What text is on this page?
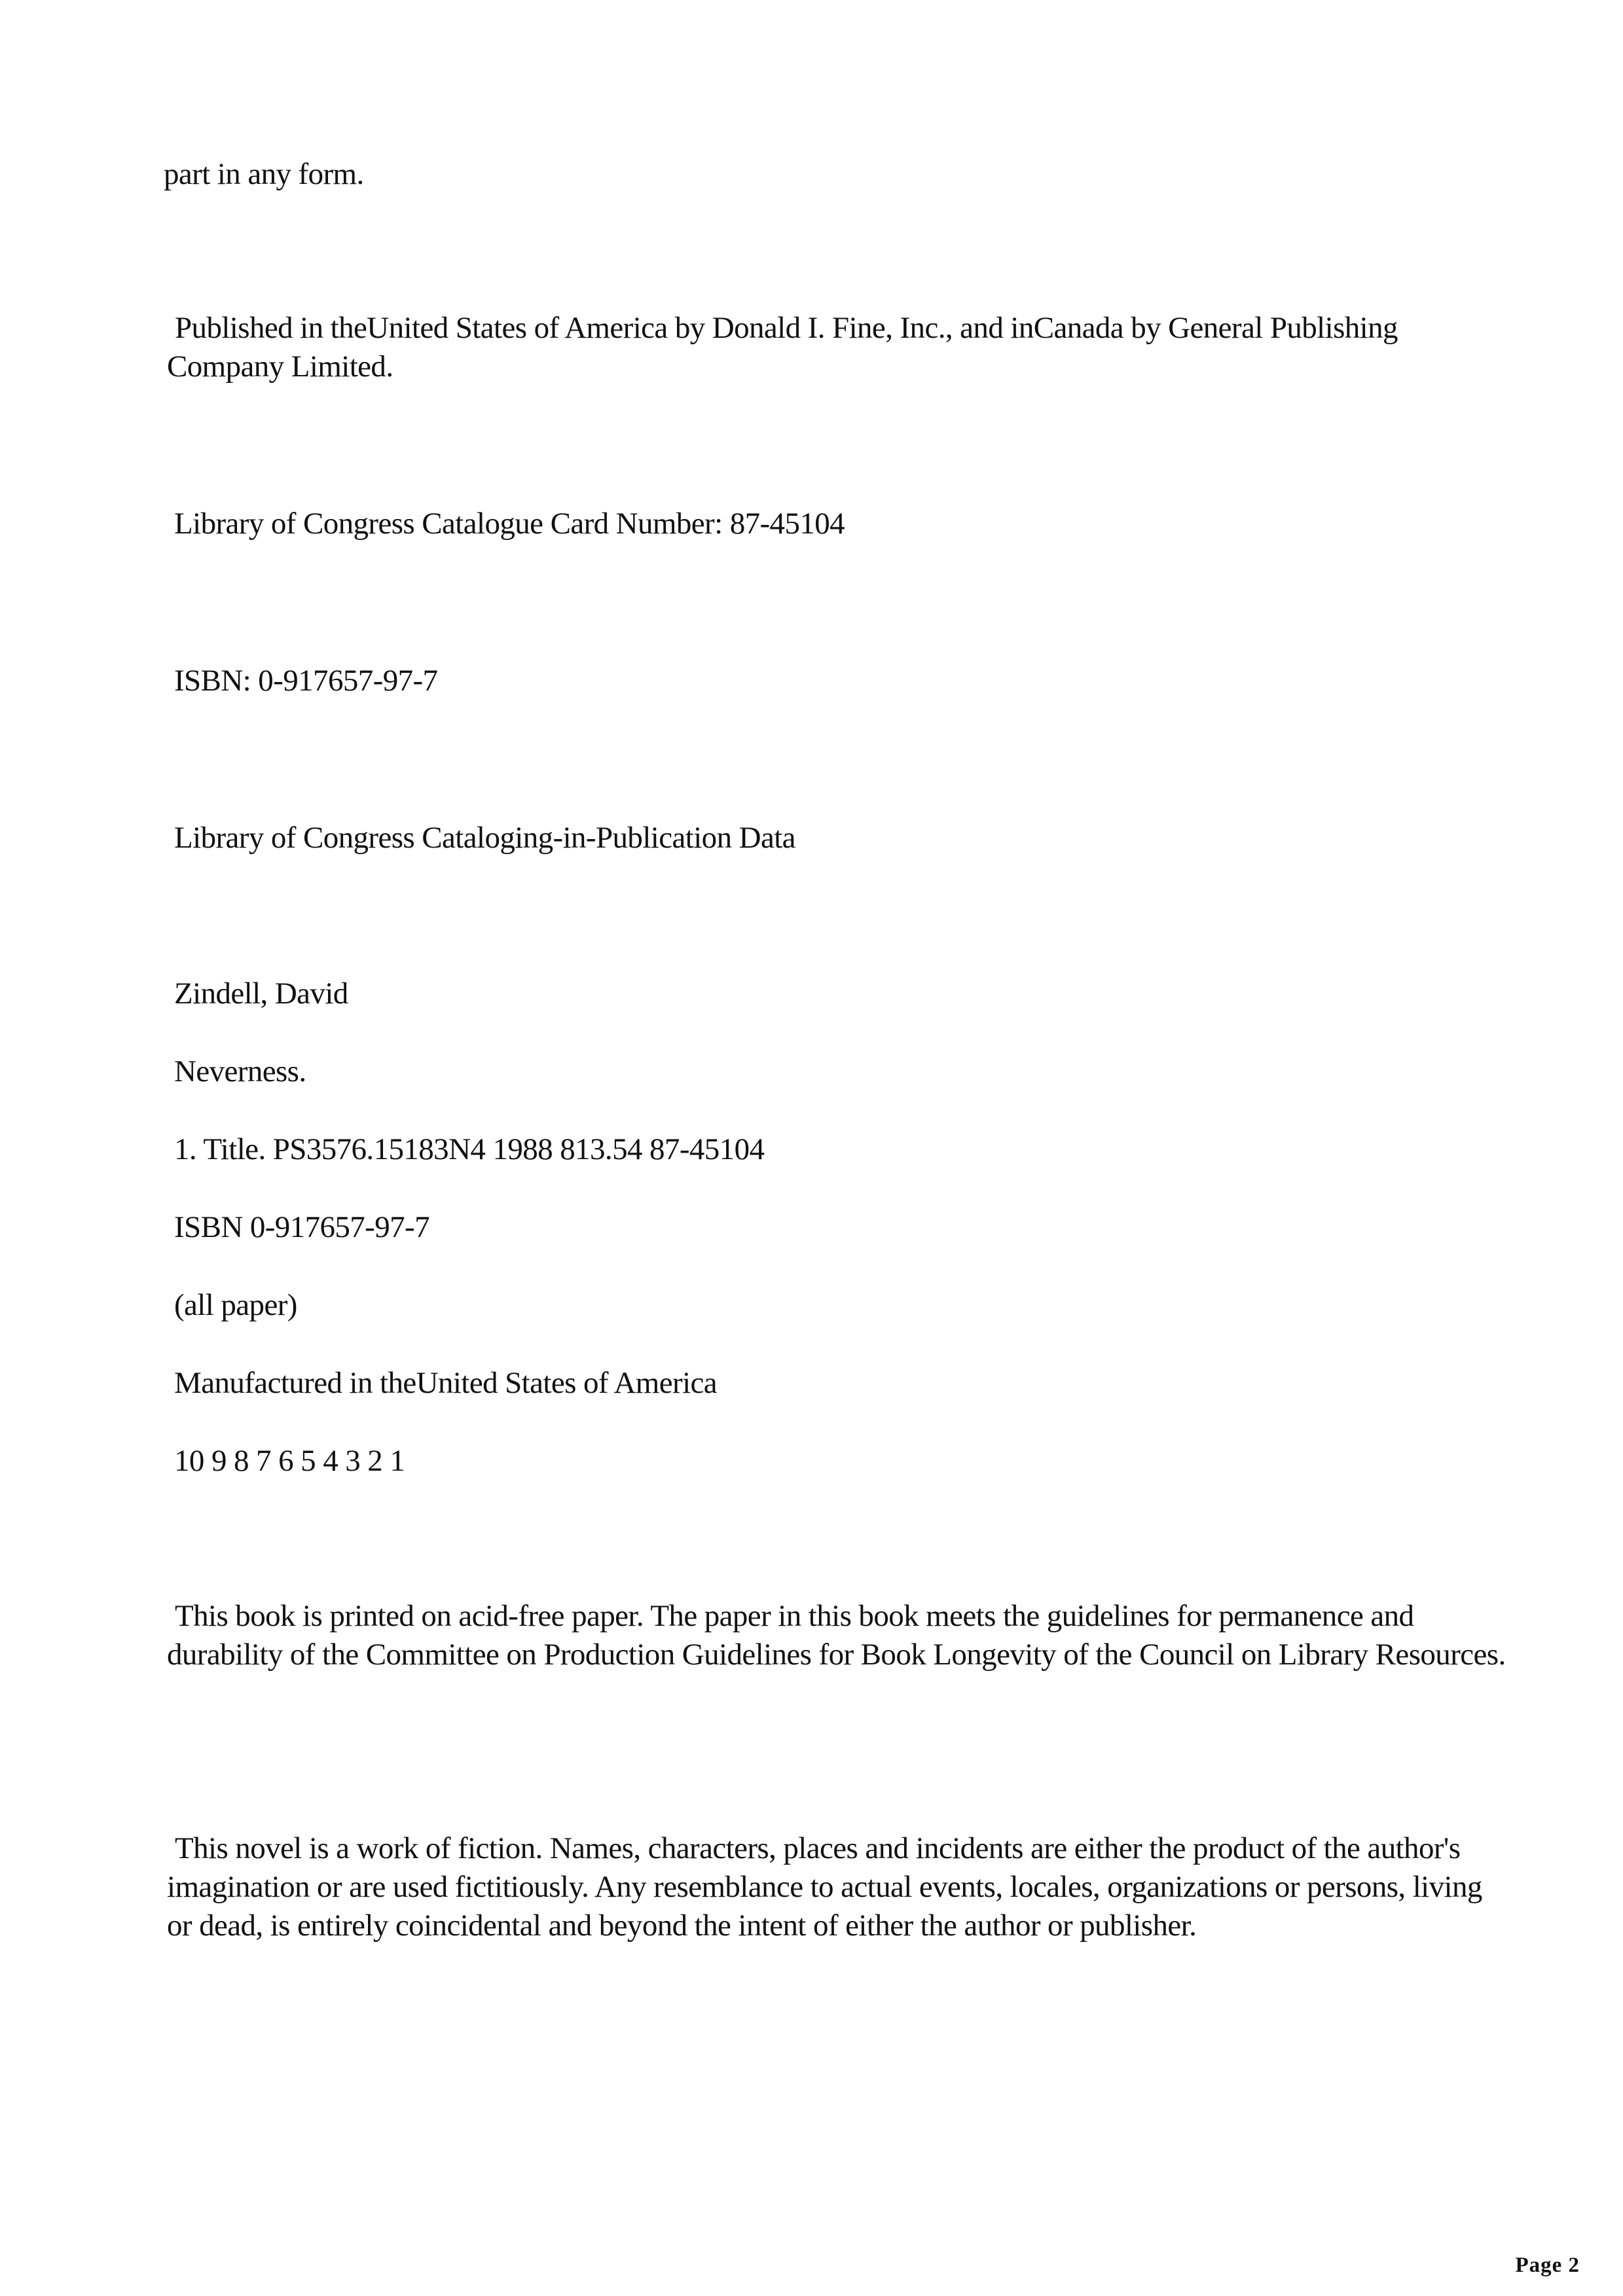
part in any form.

Published in theUnited States of America by Donald I. Fine, Inc., and inCanada by General Publishing Company Limited.

Library of Congress Catalogue Card Number: 87-45104

ISBN: 0-917657-97-7

Library of Congress Cataloging-in-Publication Data

Zindell, David

Neverness.

1. Title. PS3576.15183N4 1988 813.54 87-45104

ISBN 0-917657-97-7

(all paper)

Manufactured in theUnited States of America

10 9 8 7 6 5 4 3 2 1

This book is printed on acid-free paper. The paper in this book meets the guidelines for permanence and durability of the Committee on Production Guidelines for Book Longevity of the Council on Library Resources.

This novel is a work of fiction. Names, characters, places and incidents are either the product of the author's imagination or are used fictitiously. Any resemblance to actual events, locales, organizations or persons, living or dead, is entirely coincidental and beyond the intent of either the author or publisher.

Page 2
